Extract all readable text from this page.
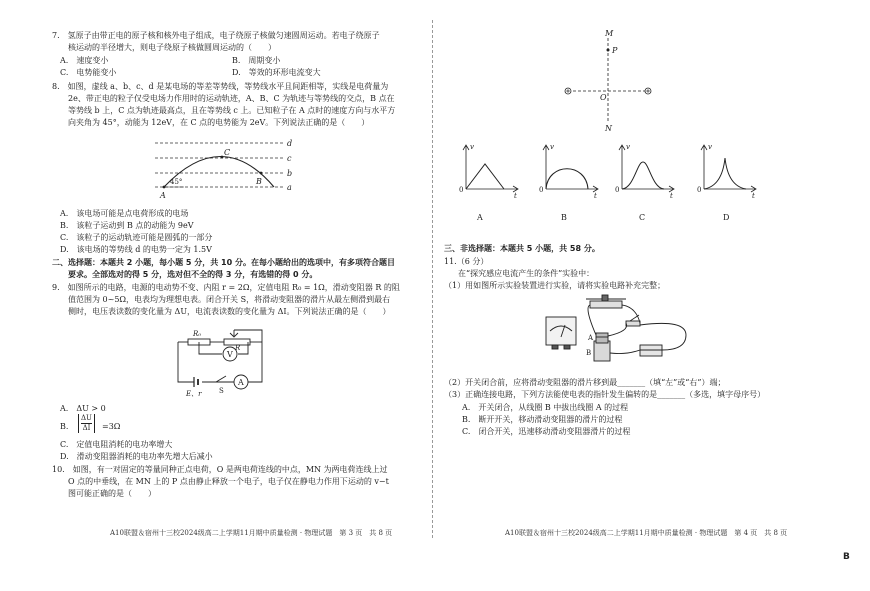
7.　氢原子由带正电的原子核和核外电子组成，电子绕原子核做匀速圆周运动。若电子绕原子
　　核运动的半径增大，则电子绕原子核做圆周运动的（　　）
A.　速度变小	B.　周期变小
C.　电势能变小	D.　等效的环形电流变大
8.　如图，虚线 a、b、c、d 是某电场的等差等势线，等势线水平且间距相等，实线是电荷量为
　　2e、带正电的粒子仅受电场力作用时的运动轨迹，A、B、C 为轨迹与等势线的交点，B 点在
　　等势线 b 上，C 点为轨迹最高点，且在等势线 c 上。已知粒子在 A 点时的速度方向与水平方
　　向夹角为 45°，动能为 12eV，在 C 点的电势能为 2eV。下列说法正确的是（　　）
45°
A
B
C
d
c
b
a
A.　该电场可能是点电荷形成的电场
B.　该粒子运动到 B 点的动能为 9eV
C.　该粒子的运动轨迹可能是圆弧的一部分
D.　该电场的等势线 d 的电势一定为 1.5V
二、选择题：本题共 2 小题，每小题 5 分，共 10 分。在每小题给出的选项中，有多项符合题目
　　要求。全部选对的得 5 分，选对但不全的得 3 分，有选错的得 0 分。
9.　如图所示的电路，电源的电动势不变、内阻 r = 2Ω，定值电阻 R₀ = 1Ω，滑动变阻器 R 的阻
　　值范围为 0~5Ω，电表均为理想电表。闭合开关 S，将滑动变阻器的滑片从最左侧滑到最右
　　侧时，电压表读数的变化量为 ΔU，电流表读数的变化量为 ΔI。下列说法正确的是（　　）
R₀
R
V
A
S
E、r
A.　ΔU > 0
B. $\frac{\Delta U}{\Delta I} =3\Omega$
C.　定值电阻消耗的电功率增大
D.　滑动变阻器消耗的电功率先增大后减小
10.　如图，有一对固定的等量同种正点电荷，O 是两电荷连线的中点，MN 为两电荷连线上过
　　O 点的中垂线，在 MN 上的 P 点由静止释放一个电子，电子仅在静电力作用下运动的 v−t
　　图可能正确的是（　　）
A10联盟＆宿州十三校2024级高二上学期11月期中质量检测 · 物理试题　第 3 页　共 8 页
M
P
O
N
v
t
0
v
t
0
v
t
0
v
t
0
A	B	C	D
三、非选择题：本题共 5 小题，共 58 分。
11.（6 分）
在“探究感应电流产生的条件”实验中：
（1）用如图所示实验装置进行实验，请将实验电路补充完整；
A
B
（2）开关闭合前，应将滑动变阻器的滑片移到最_______（填“左”或“右”）端；
（3）正确连接电路，下列方法能使电表的指针发生偏转的是_______（多选，填字母序号）
A.　开关闭合，从线圈 B 中拔出线圈 A 的过程
B.　断开开关，移动滑动变阻器的滑片的过程
C.　闭合开关，迅速移动滑动变阻器滑片的过程
A10联盟＆宿州十三校2024级高二上学期11月期中质量检测 · 物理试题　第 4 页　共 8 页
B
